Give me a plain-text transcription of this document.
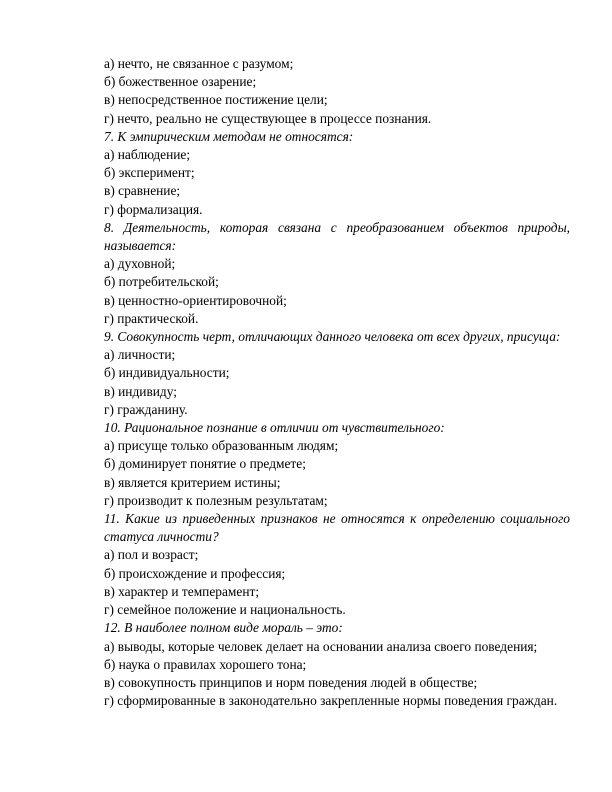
а) нечто, не связанное с разумом;

б) божественное озарение;

в) непосредственное постижение цели;

г) нечто, реально не существующее в процессе познания.

7. К эмпирическим методам не относятся:

а) наблюдение;

б) эксперимент;

в) сравнение;

г) формализация.

8. Деятельность, которая связана с преобразованием объектов природы, называется:

а) духовной;

б) потребительской;

в) ценностно-ориентировочной;

г) практической.

9. Совокупность черт, отличающих данного человека от всех других, присуща:

а) личности;

б) индивидуальности;

в) индивиду;

г) гражданину.

10. Рациональное познание в отличии от чувствительного:

а) присуще только образованным людям;

б) доминирует понятие о предмете;

в) является критерием истины;

г) производит к полезным результатам;

11. Какие из приведенных признаков не относятся к определению социального статуса личности?

а) пол и возраст;

б) происхождение и профессия;

в) характер и темперамент;

г) семейное положение и национальность.

12. В наиболее полном виде мораль – это:

а) выводы, которые человек делает на основании анализа своего поведения;

б) наука о правилах хорошего тона;

в) совокупность принципов и норм поведения людей в обществе;

г) сформированные в законодательно закрепленные нормы поведения граждан.
